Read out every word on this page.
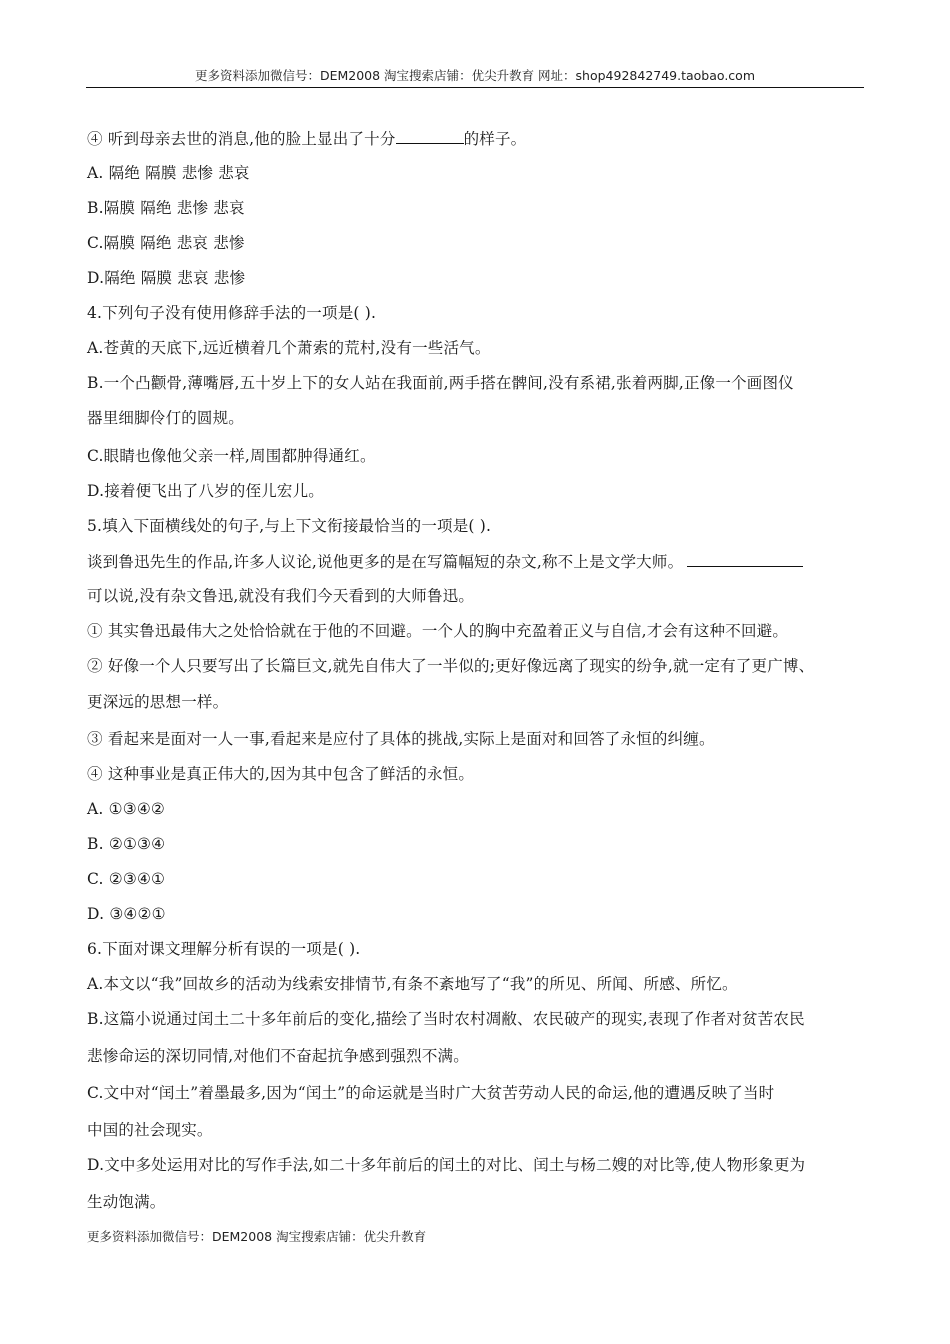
更多资料添加微信号：DEM2008 淘宝搜索店铺：优尖升教育 网址：shop492842749.taobao.com
④ 听到母亲去世的消息,他的脸上显出了十分	的样子。
A. 隔绝 隔膜 悲惨 悲哀
B.隔膜 隔绝 悲惨 悲哀
C.隔膜 隔绝 悲哀 悲惨
D.隔绝 隔膜 悲哀 悲惨
4.下列句子没有使用修辞手法的一项是( ).
A.苍黄的天底下,远近横着几个萧索的荒村,没有一些活气。
B.一个凸颧骨,薄嘴唇,五十岁上下的女人站在我面前,两手搭在髀间,没有系裙,张着两脚,正像一个画图仪
器里细脚伶仃的圆规。
C.眼睛也像他父亲一样,周围都肿得通红。
D.接着便飞出了八岁的侄儿宏儿。
5.填入下面横线处的句子,与上下文衔接最恰当的一项是( ).
谈到鲁迅先生的作品,许多人议论,说他更多的是在写篇幅短的杂文,称不上是文学大师。
可以说,没有杂文鲁迅,就没有我们今天看到的大师鲁迅。
① 其实鲁迅最伟大之处恰恰就在于他的不回避。一个人的胸中充盈着正义与自信,才会有这种不回避。
② 好像一个人只要写出了长篇巨文,就先自伟大了一半似的;更好像远离了现实的纷争,就一定有了更广博、
更深远的思想一样。
③ 看起来是面对一人一事,看起来是应付了具体的挑战,实际上是面对和回答了永恒的纠缠。
④ 这种事业是真正伟大的,因为其中包含了鲜活的永恒。
A. ①③④②
B. ②①③④
C. ②③④①
D. ③④②①
6.下面对课文理解分析有误的一项是( ).
A.本文以“我”回故乡的活动为线索安排情节,有条不紊地写了“我”的所见、所闻、所感、所忆。
B.这篇小说通过闰土二十多年前后的变化,描绘了当时农村凋敝、农民破产的现实,表现了作者对贫苦农民
悲惨命运的深切同情,对他们不奋起抗争感到强烈不满。
C.文中对“闰土”着墨最多,因为“闰土”的命运就是当时广大贫苦劳动人民的命运,他的遭遇反映了当时
中国的社会现实。
D.文中多处运用对比的写作手法,如二十多年前后的闰土的对比、闰土与杨二嫂的对比等,使人物形象更为
生动饱满。
更多资料添加微信号：DEM2008 淘宝搜索店铺：优尖升教育
